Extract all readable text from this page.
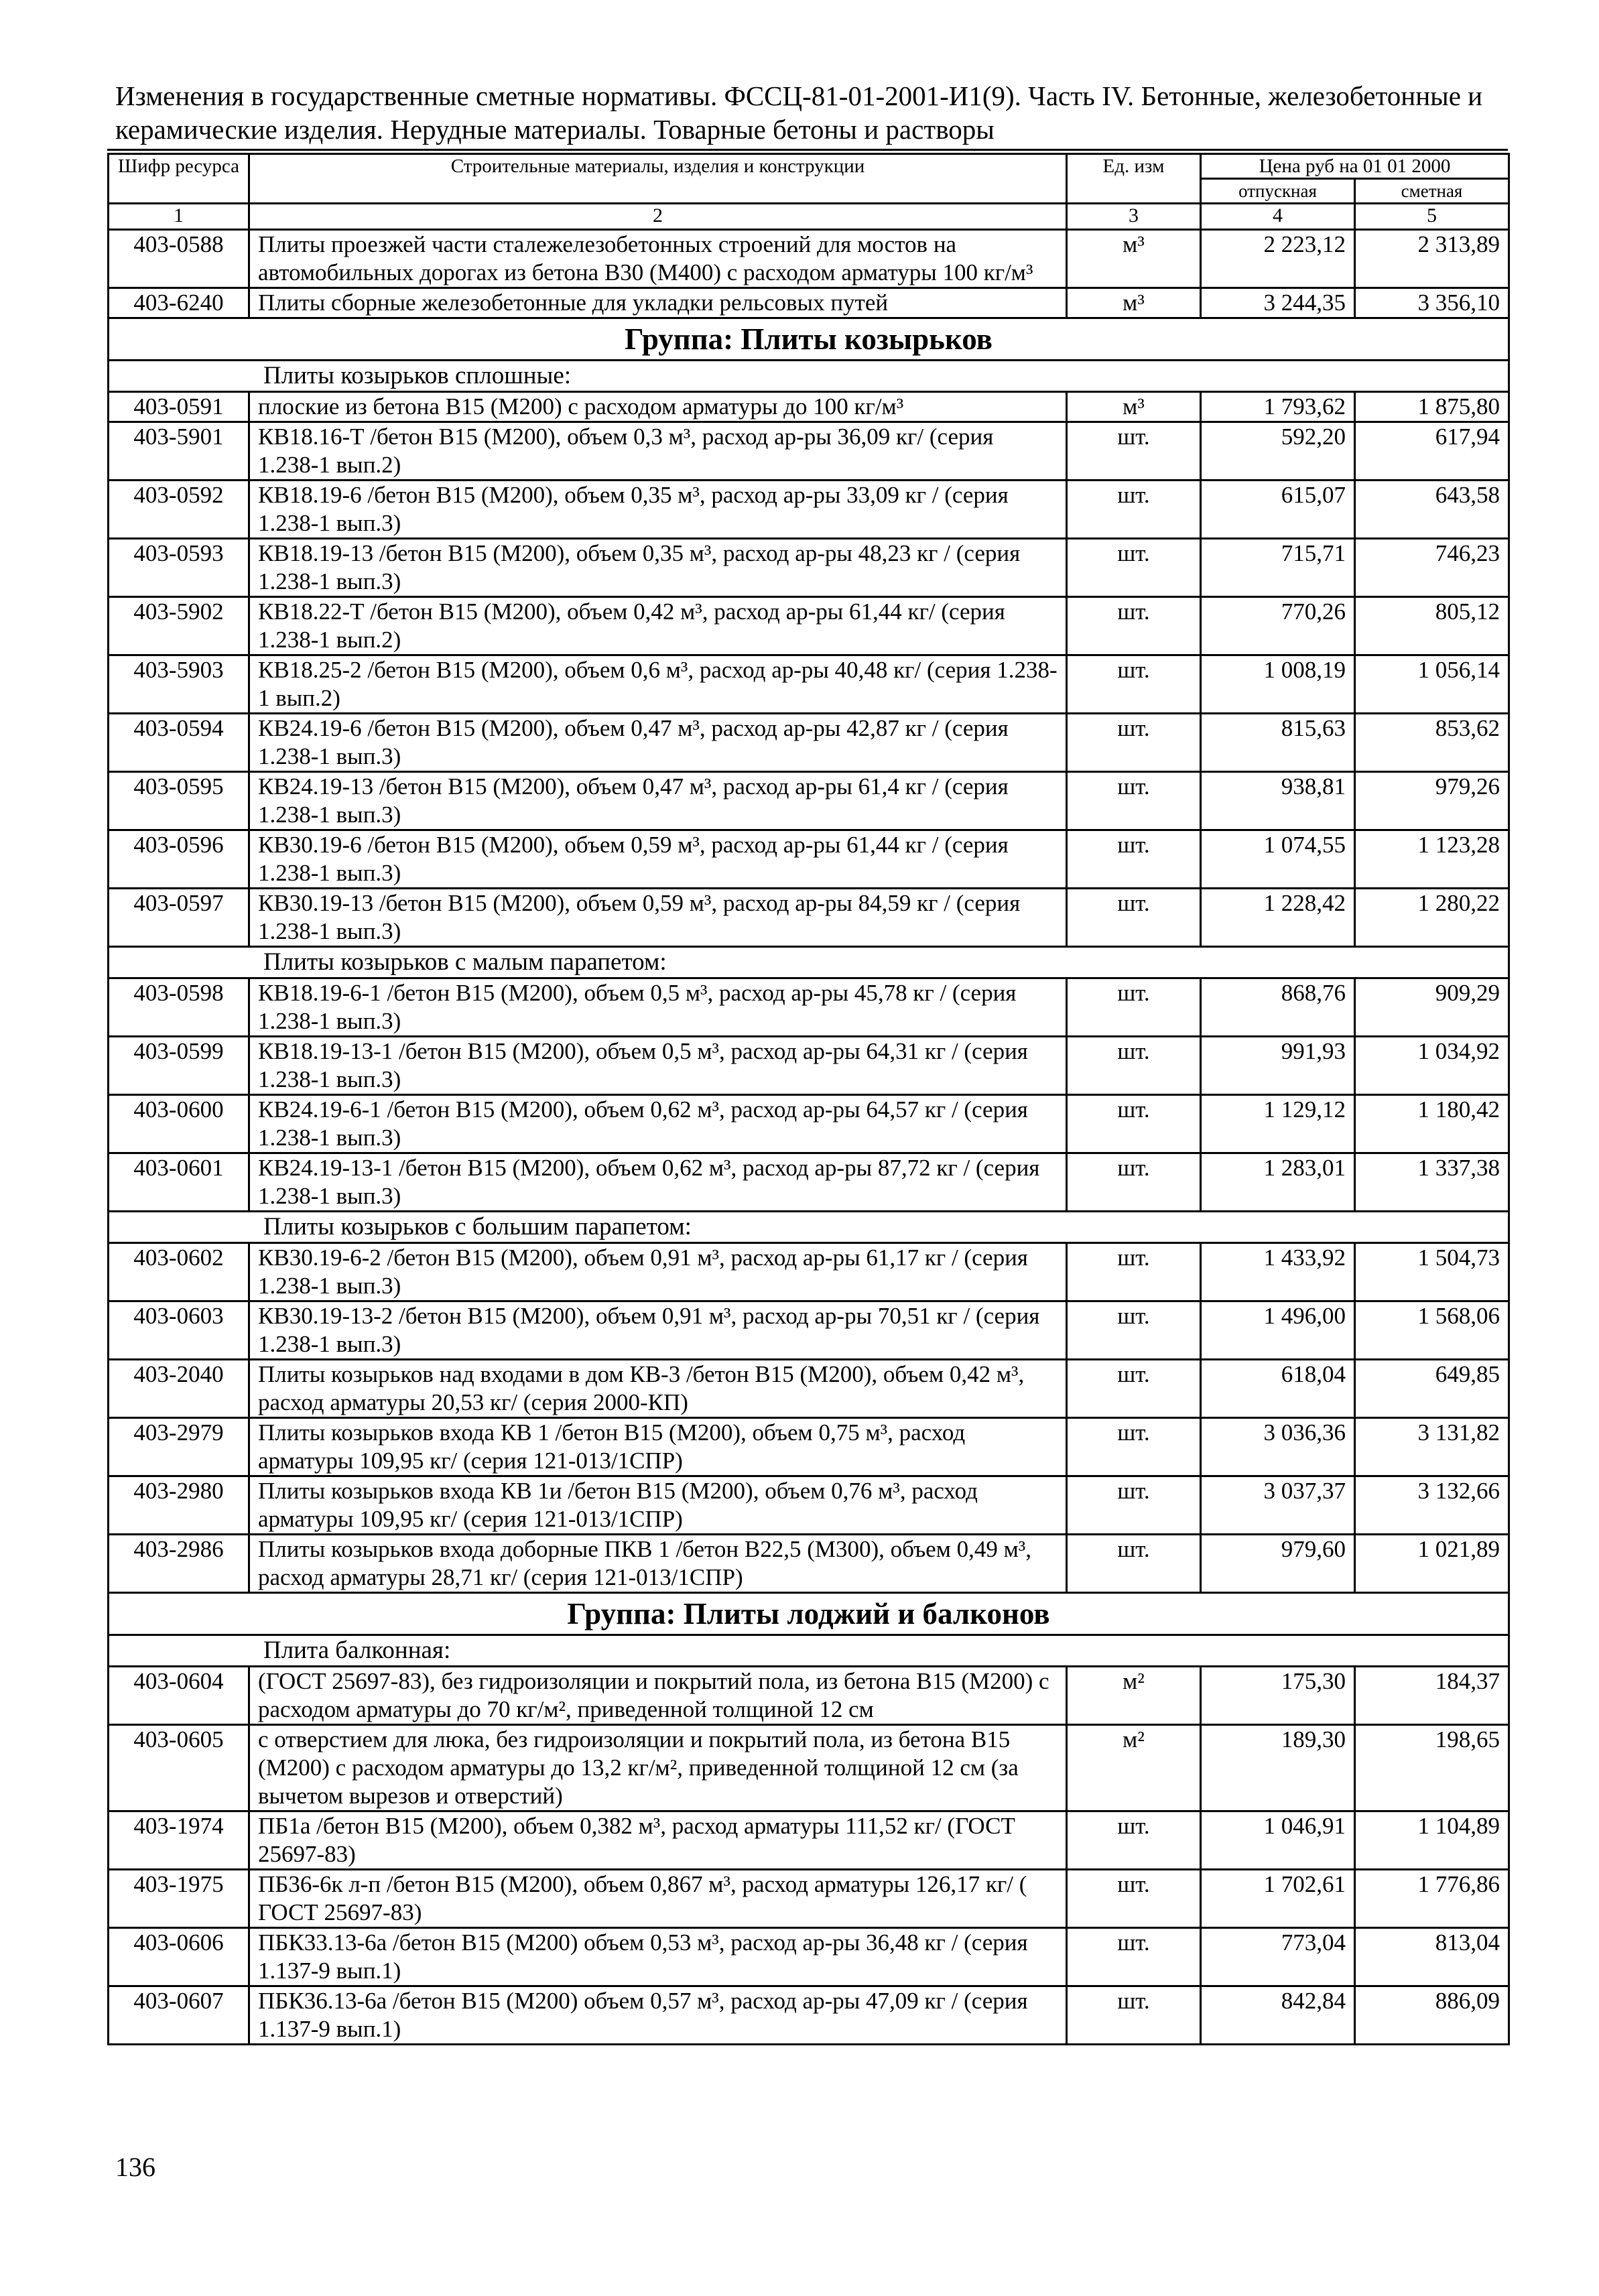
Изменения в государственные сметные нормативы. ФССЦ-81-01-2001-И1(9). Часть IV. Бетонные, железобетонные и
керамические изделия. Нерудные материалы. Товарные бетоны и растворы
Шифр ресурса	Строительные материалы, изделия и конструкции	Ед. изм	Цена руб на 01 01 2000	
			отпускная	сметная
1	2	3	4	5
403-0588	Плиты проезжей части сталежелезобетонных строений для мостов на автомобильных дорогах из бетона В30 (М400) с расходом арматуры 100 кг/м³	м³	2 223,12	2 313,89
403-6240	Плиты сборные железобетонные для укладки рельсовых путей	м³	3 244,35	3 356,10
Группа: Плиты козырьков				
Плиты козырьков сплошные:				
403-0591	плоские из бетона В15 (М200) с расходом арматуры до 100 кг/м³	м³	1 793,62	1 875,80
403-5901	КВ18.16-Т /бетон В15 (М200), объем 0,3 м³, расход ар-ры 36,09 кг/ (серия 1.238-1 вып.2)	шт.	592,20	617,94
403-0592	КВ18.19-6 /бетон В15 (М200), объем 0,35 м³, расход ар-ры 33,09 кг / (серия 1.238-1 вып.3)	шт.	615,07	643,58
403-0593	КВ18.19-13 /бетон В15 (М200), объем 0,35 м³, расход ар-ры 48,23 кг / (серия 1.238-1 вып.3)	шт.	715,71	746,23
403-5902	КВ18.22-Т /бетон В15 (М200), объем 0,42 м³, расход ар-ры 61,44 кг/ (серия 1.238-1 вып.2)	шт.	770,26	805,12
403-5903	КВ18.25-2 /бетон В15 (М200), объем 0,6 м³, расход ар-ры 40,48 кг/ (серия 1.238-1 вып.2)	шт.	1 008,19	1 056,14
403-0594	КВ24.19-6 /бетон В15 (М200), объем 0,47 м³, расход ар-ры 42,87 кг / (серия 1.238-1 вып.3)	шт.	815,63	853,62
403-0595	КВ24.19-13 /бетон В15 (М200), объем 0,47 м³, расход ар-ры 61,4 кг / (серия 1.238-1 вып.3)	шт.	938,81	979,26
403-0596	КВ30.19-6 /бетон В15 (М200), объем 0,59 м³, расход ар-ры 61,44 кг / (серия 1.238-1 вып.3)	шт.	1 074,55	1 123,28
403-0597	КВ30.19-13 /бетон В15 (М200), объем 0,59 м³, расход ар-ры 84,59 кг / (серия 1.238-1 вып.3)	шт.	1 228,42	1 280,22
Плиты козырьков с малым парапетом:				
403-0598	КВ18.19-6-1 /бетон В15 (М200), объем 0,5 м³, расход ар-ры 45,78 кг / (серия 1.238-1 вып.3)	шт.	868,76	909,29
403-0599	КВ18.19-13-1 /бетон В15 (М200), объем 0,5 м³, расход ар-ры 64,31 кг / (серия 1.238-1 вып.3)	шт.	991,93	1 034,92
403-0600	КВ24.19-6-1 /бетон В15 (М200), объем 0,62 м³, расход ар-ры 64,57 кг / (серия 1.238-1 вып.3)	шт.	1 129,12	1 180,42
403-0601	КВ24.19-13-1 /бетон В15 (М200), объем 0,62 м³, расход ар-ры 87,72 кг / (серия 1.238-1 вып.3)	шт.	1 283,01	1 337,38
Плиты козырьков с большим парапетом:				
403-0602	КВ30.19-6-2 /бетон В15 (М200), объем 0,91 м³, расход ар-ры 61,17 кг / (серия 1.238-1 вып.3)	шт.	1 433,92	1 504,73
403-0603	КВ30.19-13-2 /бетон В15 (М200), объем 0,91 м³, расход ар-ры 70,51 кг / (серия 1.238-1 вып.3)	шт.	1 496,00	1 568,06
403-2040	Плиты козырьков над входами в дом КВ-3 /бетон В15 (М200), объем 0,42 м³, расход арматуры 20,53 кг/ (серия 2000-КП)	шт.	618,04	649,85
403-2979	Плиты козырьков входа КВ 1 /бетон В15 (М200), объем 0,75 м³, расход арматуры 109,95 кг/ (серия 121-013/1СПР)	шт.	3 036,36	3 131,82
403-2980	Плиты козырьков входа КВ 1и /бетон В15 (М200), объем 0,76 м³, расход арматуры 109,95 кг/ (серия 121-013/1СПР)	шт.	3 037,37	3 132,66
403-2986	Плиты козырьков входа доборные ПКВ 1 /бетон В22,5 (М300), объем 0,49 м³, расход арматуры 28,71 кг/ (серия 121-013/1СПР)	шт.	979,60	1 021,89
Группа: Плиты лоджий и балконов				
Плита балконная:				
403-0604	(ГОСТ 25697-83), без гидроизоляции и покрытий пола, из бетона В15 (М200) с расходом арматуры до 70 кг/м², приведенной толщиной 12 см	м²	175,30	184,37
403-0605	с отверстием для люка, без гидроизоляции и покрытий пола, из бетона В15 (М200) с расходом арматуры до 13,2 кг/м², приведенной толщиной 12 см (за вычетом вырезов и отверстий)	м²	189,30	198,65
403-1974	ПБ1а /бетон В15 (М200), объем 0,382 м³, расход арматуры 111,52 кг/ (ГОСТ 25697-83)	шт.	1 046,91	1 104,89
403-1975	ПБ36-6к л-п /бетон В15 (М200), объем 0,867 м³, расход арматуры 126,17 кг/ ( ГОСТ 25697-83)	шт.	1 702,61	1 776,86
403-0606	ПБК33.13-6а /бетон В15 (М200) объем 0,53 м³, расход ар-ры 36,48 кг / (серия 1.137-9 вып.1)	шт.	773,04	813,04
403-0607	ПБК36.13-6а /бетон В15 (М200) объем 0,57 м³, расход ар-ры 47,09 кг / (серия 1.137-9 вып.1)	шт.	842,84	886,09
136
